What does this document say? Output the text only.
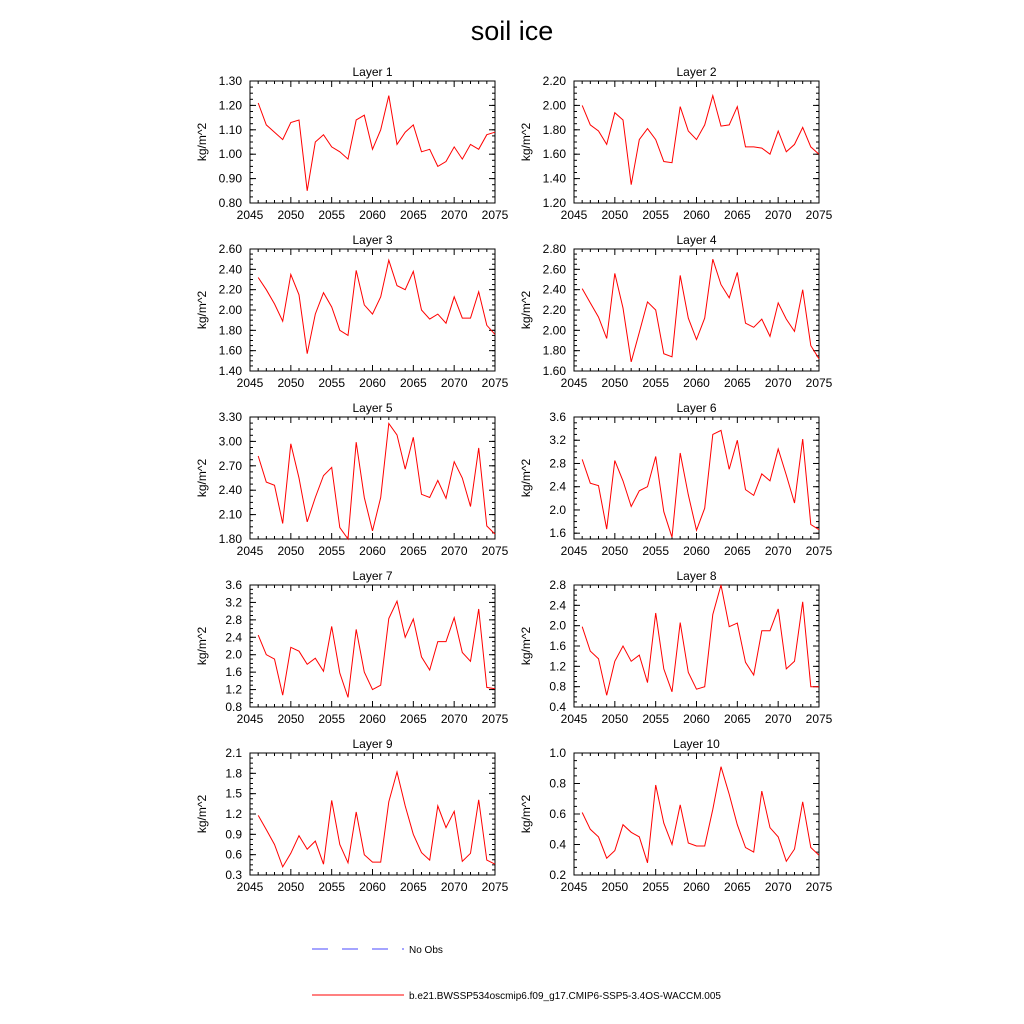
soil ice
Layer 1
kg/m^2
2045 2050 2055 2060 2065 2070 2075
0.80
0.90
1.00
1.10
1.20
1.30
Layer 2
kg/m^2
2045 2050 2055 2060 2065 2070 2075
1.20
1.40
1.60
1.80
2.00
2.20
Layer 3
kg/m^2
2045 2050 2055 2060 2065 2070 2075
1.40
1.60
1.80
2.00
2.20
2.40
2.60
Layer 4
kg/m^2
2045 2050 2055 2060 2065 2070 2075
1.60
1.80
2.00
2.20
2.40
2.60
2.80
Layer 5
kg/m^2
2045 2050 2055 2060 2065 2070 2075
1.80
2.10
2.40
2.70
3.00
3.30
Layer 6
kg/m^2
2045 2050 2055 2060 2065 2070 2075
1.6
2.0
2.4
2.8
3.2
3.6
Layer 7
kg/m^2
2045 2050 2055 2060 2065 2070 2075
0.8
1.2
1.6
2.0
2.4
2.8
3.2
3.6
Layer 8
kg/m^2
2045 2050 2055 2060 2065 2070 2075
0.4
0.8
1.2
1.6
2.0
2.4
2.8
Layer 9
kg/m^2
2045 2050 2055 2060 2065 2070 2075
0.3
0.6
0.9
1.2
1.5
1.8
2.1
Layer 10
kg/m^2
2045 2050 2055 2060 2065 2070 2075
0.2
0.4
0.6
0.8
1.0
No Obs
b.e21.BWSSP534oscmip6.f09_g17.CMIP6-SSP5-3.4OS-WACCM.005
